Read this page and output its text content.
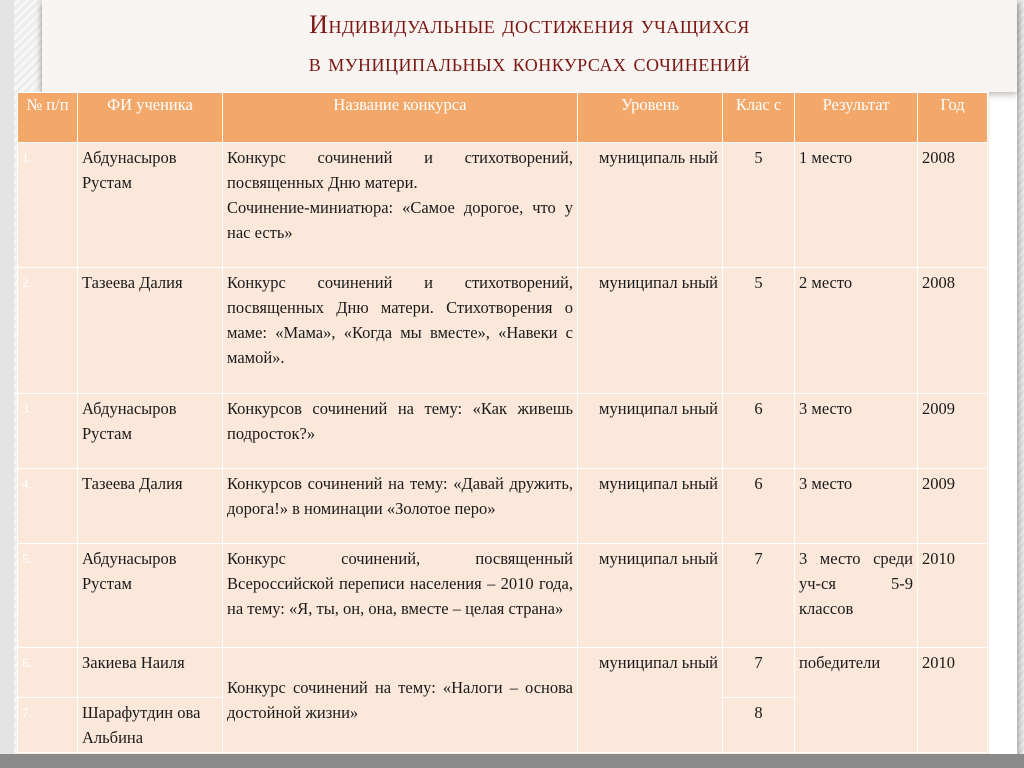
Индивидуальные достижения учащихся
в муниципальных конкурсах сочинений
№ п/п	ФИ ученика	Название конкурса	Уровень	Клас с	Результат	Год
1.	Абдунасыров Рустам	Конкурс сочинений и стихотворений, посвященных Дню матери.
Сочинение-миниатюра: «Самое дорогое, что у нас есть»	муниципаль ный	5	1 место	2008
2.	Тазеева Далия	Конкурс сочинений и стихотворений, посвященных Дню матери. Стихотворения о маме: «Мама», «Когда мы вместе», «Навеки с мамой».	муниципал ьный	5	2 место	2008
3.	Абдунасыров Рустам	Конкурсов сочинений на тему: «Как живешь подросток?»	муниципал ьный	6	3 место	2009
4.	Тазеева Далия	Конкурсов сочинений на тему: «Давай дружить, дорога!» в номинации «Золотое перо»	муниципал ьный	6	3 место	2009
5.	Абдунасыров Рустам	Конкурс сочинений, посвященный Всероссийской переписи населения – 2010 года, на тему: «Я, ты, он, она, вместе – целая страна»	муниципал ьный	7	3 место среди уч-ся 5-9 классов	2010
6.	Закиева Наиля	Конкурс сочинений на тему: «Налоги – основа достойной жизни»	муниципал ьный	7	победители	2010
7.	Шарафутдин ова Альбина			8		
